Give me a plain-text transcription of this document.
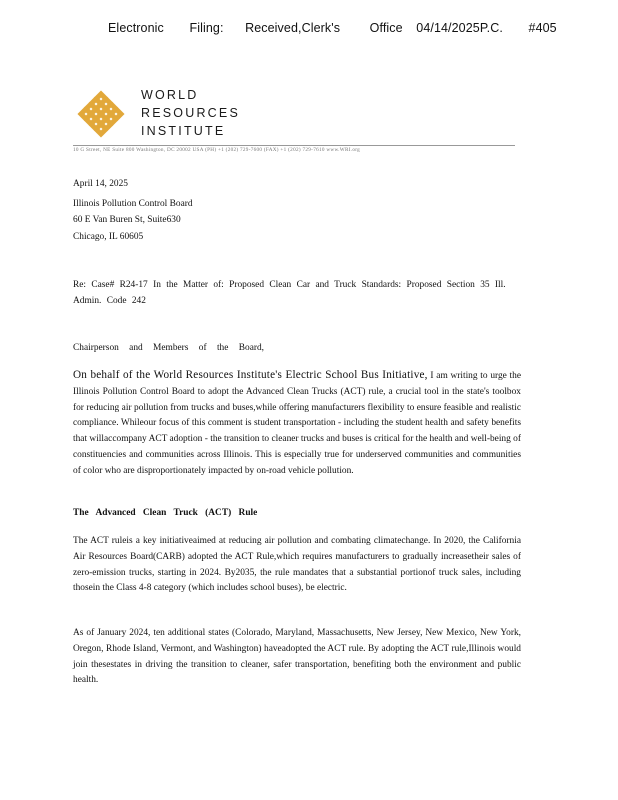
Electronic Filing: Received,Clerk's Office 04/14/2025P.C. #405
WORLD
RESOURCES
INSTITUTE
10 G Street, NE Suite 800 Washington, DC 20002 USA (PH) +1 (202) 729-7600 (FAX) +1 (202) 729-7610 www.WRI.org
April 14, 2025
Illinois Pollution Control Board
60 E Van Buren St, Suite630
Chicago, IL 60605
Re: Case# R24-17 In the Matter of: Proposed Clean Car and Truck Standards: Proposed Section 35 Ill.
Admin. Code 242
Chairperson and Members of the Board,
On behalf of the World Resources Institute's Electric School Bus Initiative, I am writing to urge the Illinois Pollution Control Board to adopt the Advanced Clean Trucks (ACT) rule, a crucial tool in the state's toolbox for reducing air pollution from trucks and buses,while offering manufacturers flexibility to ensure feasible and realistic compliance. Whileour focus of this comment is student transportation - including the student health and safety benefits that willaccompany ACT adoption - the transition to cleaner trucks and buses is critical for the health and well-being of constituencies and communities across Illinois. This is especially true for underserved communities and communities of color who are disproportionately impacted by on-road vehicle pollution.
The Advanced Clean Truck (ACT) Rule
The ACT ruleis a key initiativeaimed at reducing air pollution and combating climatechange. In 2020, the California Air Resources Board(CARB) adopted the ACT Rule,which requires manufacturers to gradually increasetheir sales of zero-emission trucks, starting in 2024. By2035, the rule mandates that a substantial portionof truck sales, including thosein the Class 4-8 category (which includes school buses), be electric.
As of January 2024, ten additional states (Colorado, Maryland, Massachusetts, New Jersey, New Mexico, New York, Oregon, Rhode Island, Vermont, and Washington) haveadopted the ACT rule. By adopting the ACT rule,Illinois would join thesestates in driving the transition to cleaner, safer transportation, benefiting both the environment and public health.
